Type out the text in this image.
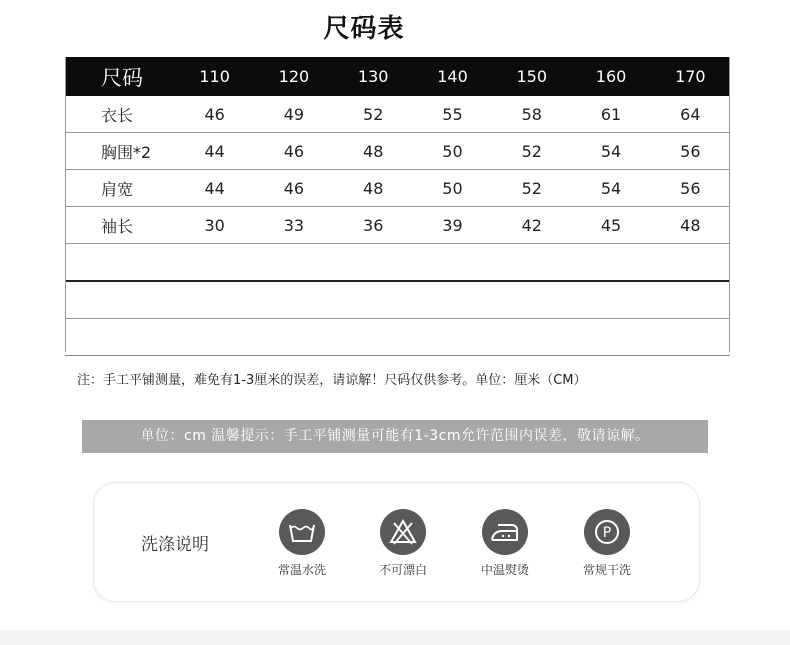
尺码表
尺码	110	120	130	140	150	160	170
衣长	46	49	52	55	58	61	64
胸围*2	44	46	48	50	52	54	56
肩宽	44	46	48	50	52	54	56
袖长	30	33	36	39	42	45	48

注：手工平铺测量，难免有1-3厘米的误差，请谅解！尺码仅供参考。单位：厘米（CM）
单位：cm 温馨提示：手工平铺测量可能有1-3cm允许范围内误差，敬请谅解。
洗涤说明
常温水洗	不可漂白	中温熨烫
P
常规干洗
